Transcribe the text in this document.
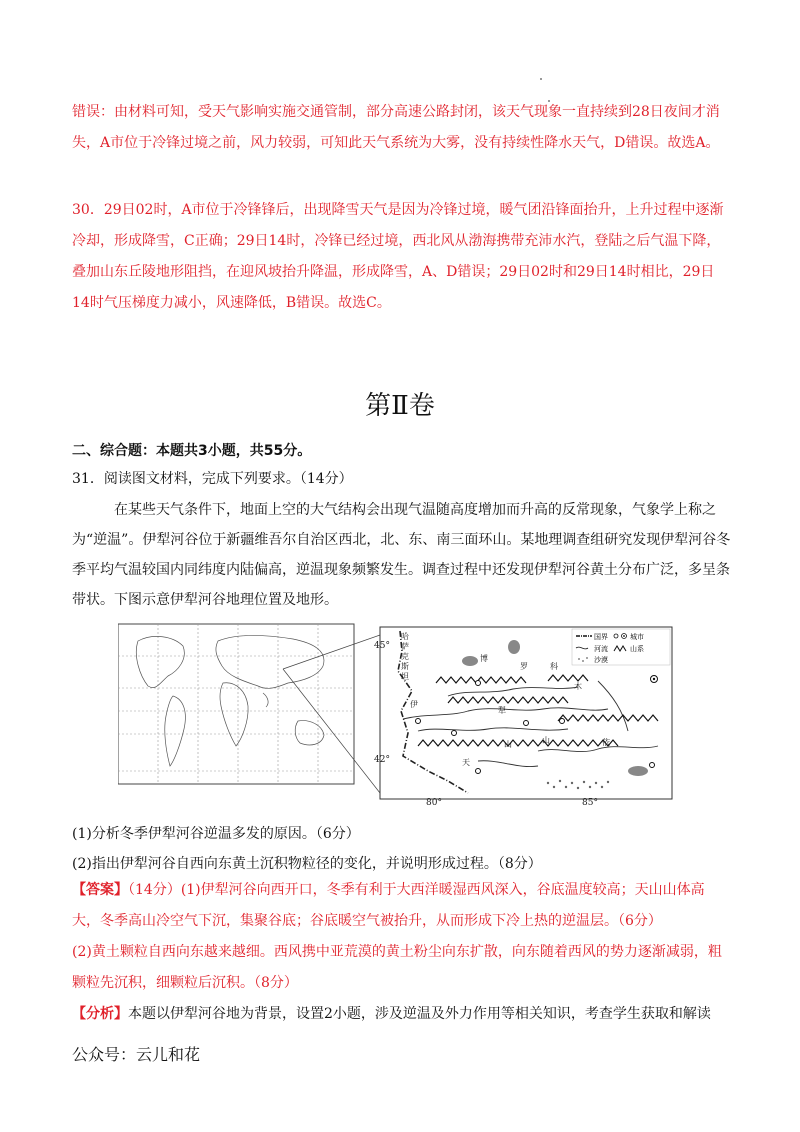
错误：由材料可知，受天气影响实施交通管制，部分高速公路封闭，该天气现象一直持续到28日夜间才消失，A市位于冷锋过境之前，风力较弱，可知此天气系统为大雾，没有持续性降水天气，D错误。故选A。
30．29日02时，A市位于冷锋锋后，出现降雪天气是因为冷锋过境，暖气团沿锋面抬升，上升过程中逐渐冷却，形成降雪，C正确；29日14时，冷锋已经过境，西北风从渤海携带充沛水汽，登陆之后气温下降，叠加山东丘陵地形阻挡，在迎风坡抬升降温，形成降雪，A、D错误；29日02时和29日14时相比，29日14时气压梯度力减小，风速降低，B错误。故选C。
第Ⅱ卷
二、综合题：本题共3小题，共55分。
31．阅读图文材料，完成下列要求。（14分）
在某些天气条件下，地面上空的大气结构会出现气温随高度增加而升高的反常现象，气象学上称之为“逆温”。伊犁河谷位于新疆维吾尔自治区西北，北、东、南三面环山。某地理调查组研究发现伊犁河谷冬季平均气温较国内同纬度内陆偏高，逆温现象频繁发生。调查过程中还发现伊犁河谷黄土分布广泛，多呈条带状。下图示意伊犁河谷地理位置及地形。
45°
42°
80°	85°
哈
萨
克
斯
坦
博
罗	科
伊
犁
山	山
天
木
依
国界	城市
河流	山系
沙漠
(1)分析冬季伊犁河谷逆温多发的原因。（6分）
(2)指出伊犁河谷自西向东黄土沉积物粒径的变化，并说明形成过程。（8分）
【答案】（14分）(1)伊犁河谷向西开口，冬季有利于大西洋暖湿西风深入，谷底温度较高；天山山体高大，冬季高山冷空气下沉，集聚谷底；谷底暖空气被抬升，从而形成下冷上热的逆温层。（6分）
(2)黄土颗粒自西向东越来越细。西风携中亚荒漠的黄土粉尘向东扩散，向东随着西风的势力逐渐减弱，粗颗粒先沉积，细颗粒后沉积。（8分）
【分析】本题以伊犁河谷地为背景，设置2小题，涉及逆温及外力作用等相关知识，考查学生获取和解读
公众号：云儿和花
